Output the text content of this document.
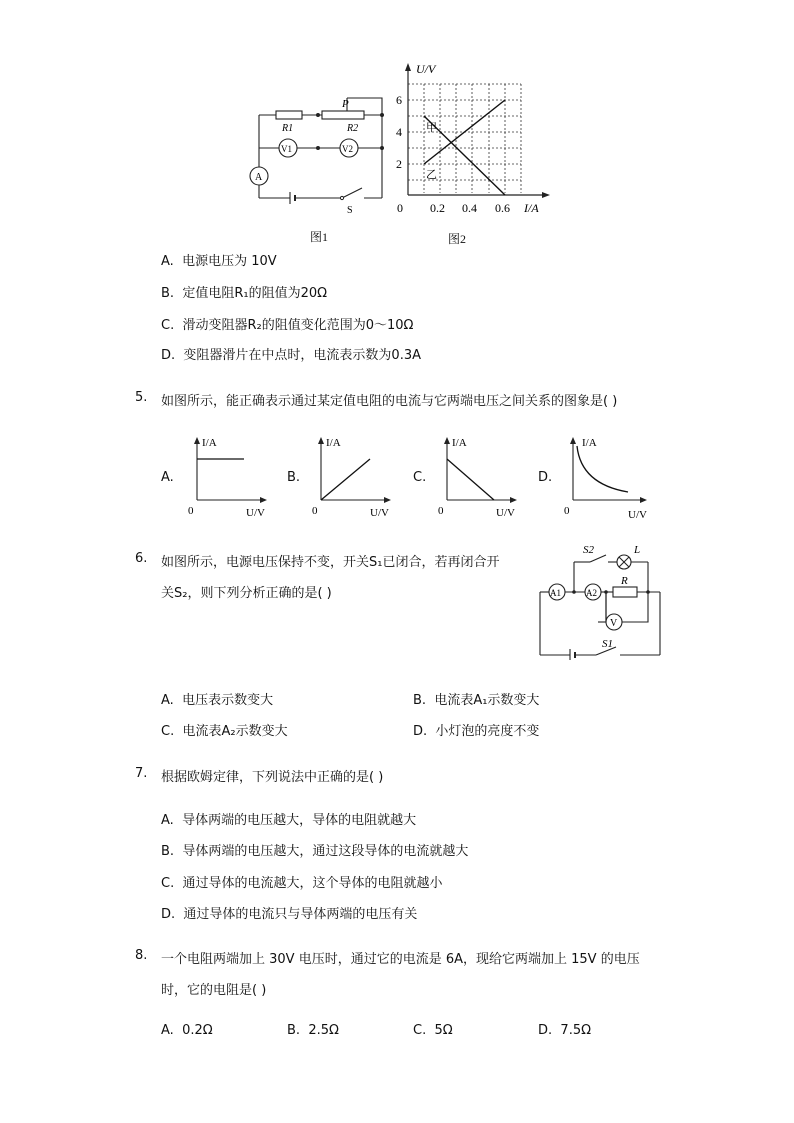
P
R1	R2
V1	V2
A
S
图1
U/V
I/A
0
6
4
2
0.2 0.4 0.6
甲
乙
图2
A. 电源电压为 10V
B. 定值电阻R₁的阻值为20Ω
C. 滑动变阻器R₂的阻值变化范围为0～10Ω
D. 变阻器滑片在中点时，电流表示数为0.3A
5. 如图所示，能正确表示通过某定值电阻的电流与它两端电压之间关系的图象是( )
A.
I/A
0	U/V
B.
I/A
0	U/V
C.
I/A
0	U/V
D.
I/A
0	U/V
6. 如图所示，电源电压保持不变，开关S₁已闭合，若再闭合开
关S₂，则下列分析正确的是( )
S2	L
R
A1	A2
V
S1
A. 电压表示数变大	B. 电流表A₁示数变大
C. 电流表A₂示数变大	D. 小灯泡的亮度不变
7. 根据欧姆定律，下列说法中正确的是( )
A. 导体两端的电压越大，导体的电阻就越大
B. 导体两端的电压越大，通过这段导体的电流就越大
C. 通过导体的电流越大，这个导体的电阻就越小
D. 通过导体的电流只与导体两端的电压有关
8. 一个电阻两端加上 30V 电压时，通过它的电流是 6A，现给它两端加上 15V 的电压
时，它的电阻是( )
A. 0.2Ω	B. 2.5Ω	C. 5Ω	D. 7.5Ω
